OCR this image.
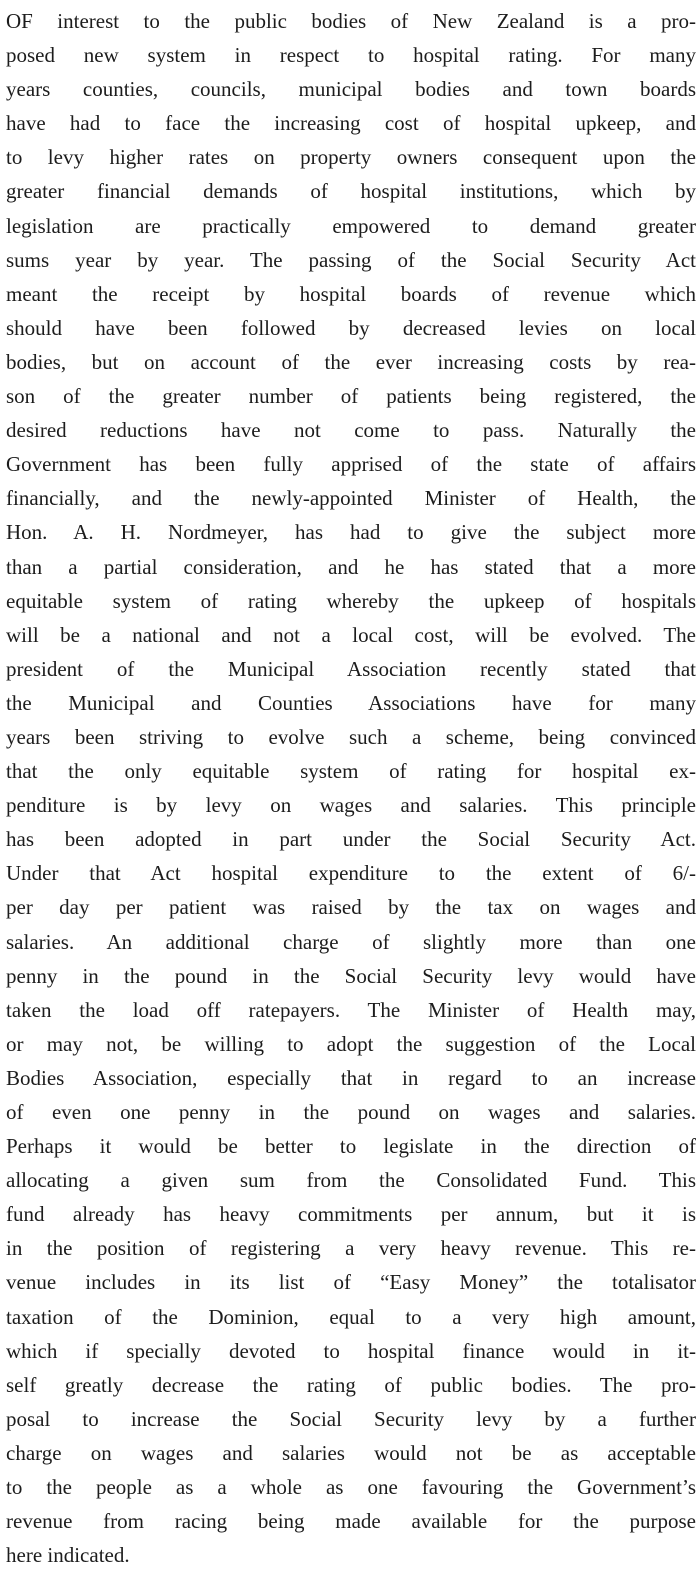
OF interest to the public bodies of New Zealand is a pro-
posed new system in respect to hospital rating. For many
years counties, councils, municipal bodies and town boards
have had to face the increasing cost of hospital upkeep, and
to levy higher rates on property owners consequent upon the
greater financial demands of hospital institutions, which by
legislation are practically empowered to demand greater
sums year by year. The passing of the Social Security Act
meant the receipt by hospital boards of revenue which
should have been followed by decreased levies on local
bodies, but on account of the ever increasing costs by rea-
son of the greater number of patients being registered, the
desired reductions have not come to pass. Naturally the
Government has been fully apprised of the state of affairs
financially, and the newly-appointed Minister of Health, the
Hon. A. H. Nordmeyer, has had to give the subject more
than a partial consideration, and he has stated that a more
equitable system of rating whereby the upkeep of hospitals
will be a national and not a local cost, will be evolved. The
president of the Municipal Association recently stated that
the Municipal and Counties Associations have for many
years been striving to evolve such a scheme, being convinced
that the only equitable system of rating for hospital ex-
penditure is by levy on wages and salaries. This principle
has been adopted in part under the Social Security Act.
Under that Act hospital expenditure to the extent of 6/-
per day per patient was raised by the tax on wages and
salaries. An additional charge of slightly more than one
penny in the pound in the Social Security levy would have
taken the load off ratepayers. The Minister of Health may,
or may not, be willing to adopt the suggestion of the Local
Bodies Association, especially that in regard to an increase
of even one penny in the pound on wages and salaries.
Perhaps it would be better to legislate in the direction of
allocating a given sum from the Consolidated Fund. This
fund already has heavy commitments per annum, but it is
in the position of registering a very heavy revenue. This re-
venue includes in its list of “Easy Money” the totalisator
taxation of the Dominion, equal to a very high amount,
which if specially devoted to hospital finance would in it-
self greatly decrease the rating of public bodies. The pro-
posal to increase the Social Security levy by a further
charge on wages and salaries would not be as acceptable
to the people as a whole as one favouring the Government’s
revenue from racing being made available for the purpose
here indicated.
